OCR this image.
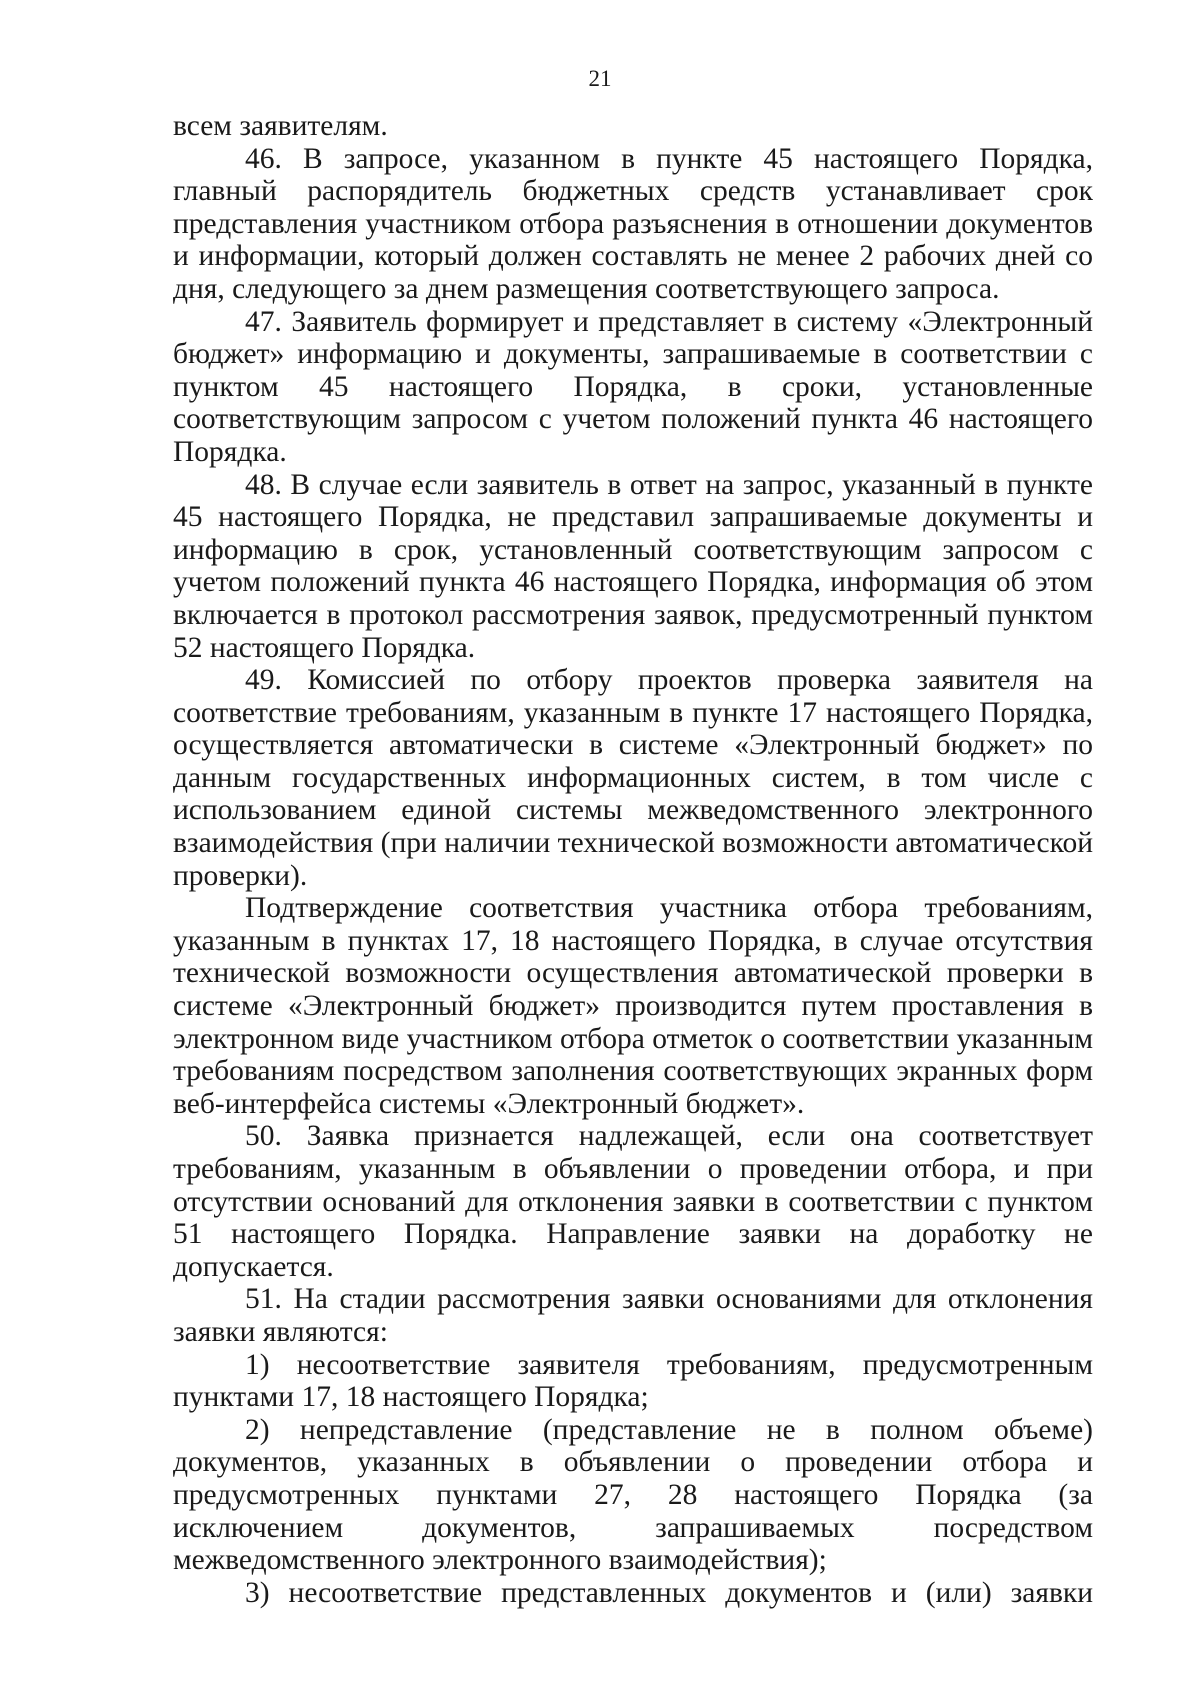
21

всем заявителям.

46. В запросе, указанном в пункте 45 настоящего Порядка, главный распорядитель бюджетных средств устанавливает срок представления участником отбора разъяснения в отношении документов и информации, который должен составлять не менее 2 рабочих дней со дня, следующего за днем размещения соответствующего запроса.

47. Заявитель формирует и представляет в систему «Электронный бюджет» информацию и документы, запрашиваемые в соответствии с пунктом 45 настоящего Порядка, в сроки, установленные соответствующим запросом с учетом положений пункта 46 настоящего Порядка.

48. В случае если заявитель в ответ на запрос, указанный в пункте 45 настоящего Порядка, не представил запрашиваемые документы и информацию в срок, установленный соответствующим запросом с учетом положений пункта 46 настоящего Порядка, информация об этом включается в протокол рассмотрения заявок, предусмотренный пунктом 52 настоящего Порядка.

49. Комиссией по отбору проектов проверка заявителя на соответствие требованиям, указанным в пункте 17 настоящего Порядка, осуществляется автоматически в системе «Электронный бюджет» по данным государственных информационных систем, в том числе с использованием единой системы межведомственного электронного взаимодействия (при наличии технической возможности автоматической проверки).

Подтверждение соответствия участника отбора требованиям, указанным в пунктах 17, 18 настоящего Порядка, в случае отсутствия технической возможности осуществления автоматической проверки в системе «Электронный бюджет» производится путем проставления в электронном виде участником отбора отметок о соответствии указанным требованиям посредством заполнения соответствующих экранных форм веб-интерфейса системы «Электронный бюджет».

50. Заявка признается надлежащей, если она соответствует требованиям, указанным в объявлении о проведении отбора, и при отсутствии оснований для отклонения заявки в соответствии с пунктом 51 настоящего Порядка. Направление заявки на доработку не допускается.

51. На стадии рассмотрения заявки основаниями для отклонения заявки являются:

1) несоответствие заявителя требованиям, предусмотренным пунктами 17, 18 настоящего Порядка;

2) непредставление (представление не в полном объеме) документов, указанных в объявлении о проведении отбора и предусмотренных пунктами 27, 28 настоящего Порядка (за исключением документов, запрашиваемых посредством межведомственного электронного взаимодействия);

3) несоответствие представленных документов и (или) заявки
